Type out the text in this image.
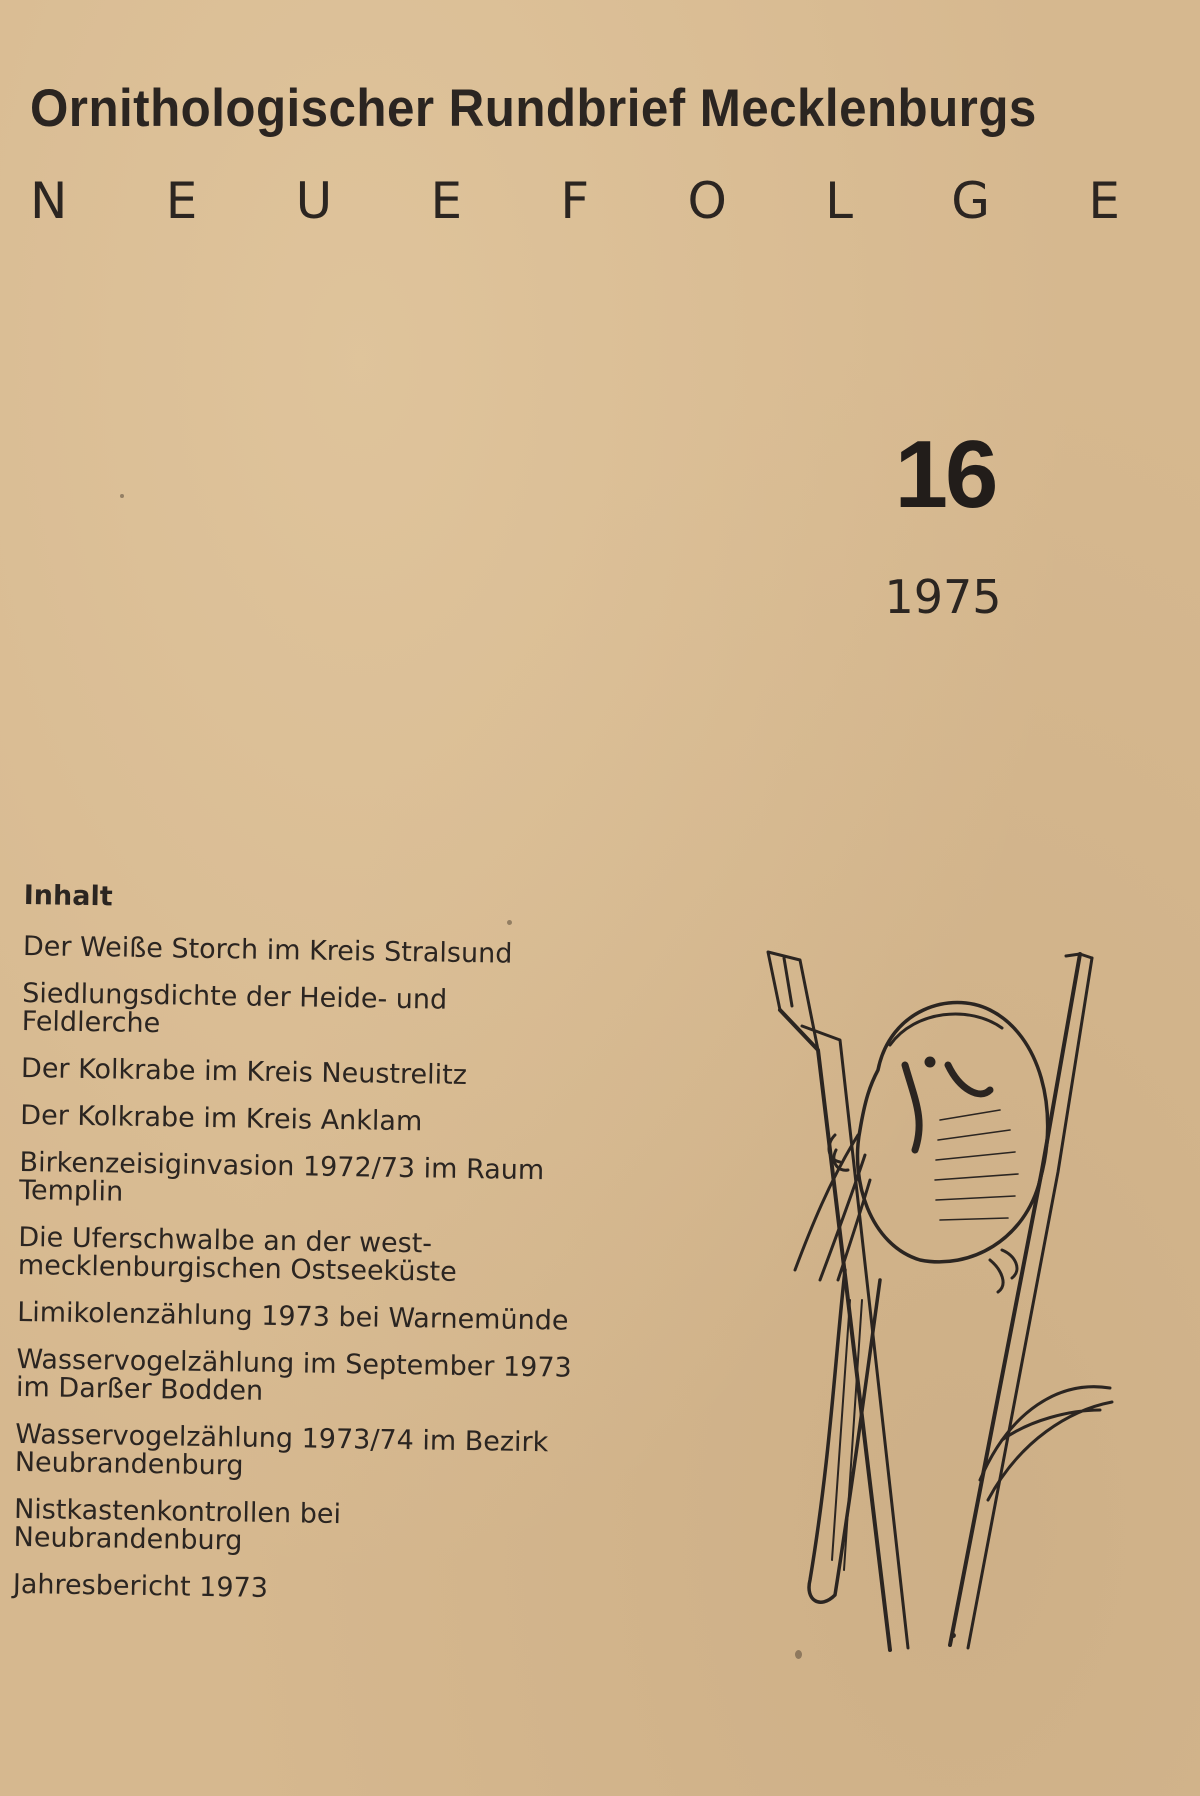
Ornithologischer Rundbrief Mecklenburgs
N E U E F O L G E
16
1975
Inhalt
Der Weiße Storch im Kreis Stralsund
Siedlungsdichte der Heide- und Feldlerche
Der Kolkrabe im Kreis Neustrelitz
Der Kolkrabe im Kreis Anklam
Birkenzeisiginvasion 1972/73 im Raum Templin
Die Uferschwalbe an der west- mecklenburgischen Ostseeküste
Limikolenzählung 1973 bei Warnemünde
Wasservogelzählung im September 1973 im Darßer Bodden
Wasservogelzählung 1973/74 im Bezirk Neubrandenburg
Nistkastenkontrollen bei Neubrandenburg
Jahresbericht 1973
•
